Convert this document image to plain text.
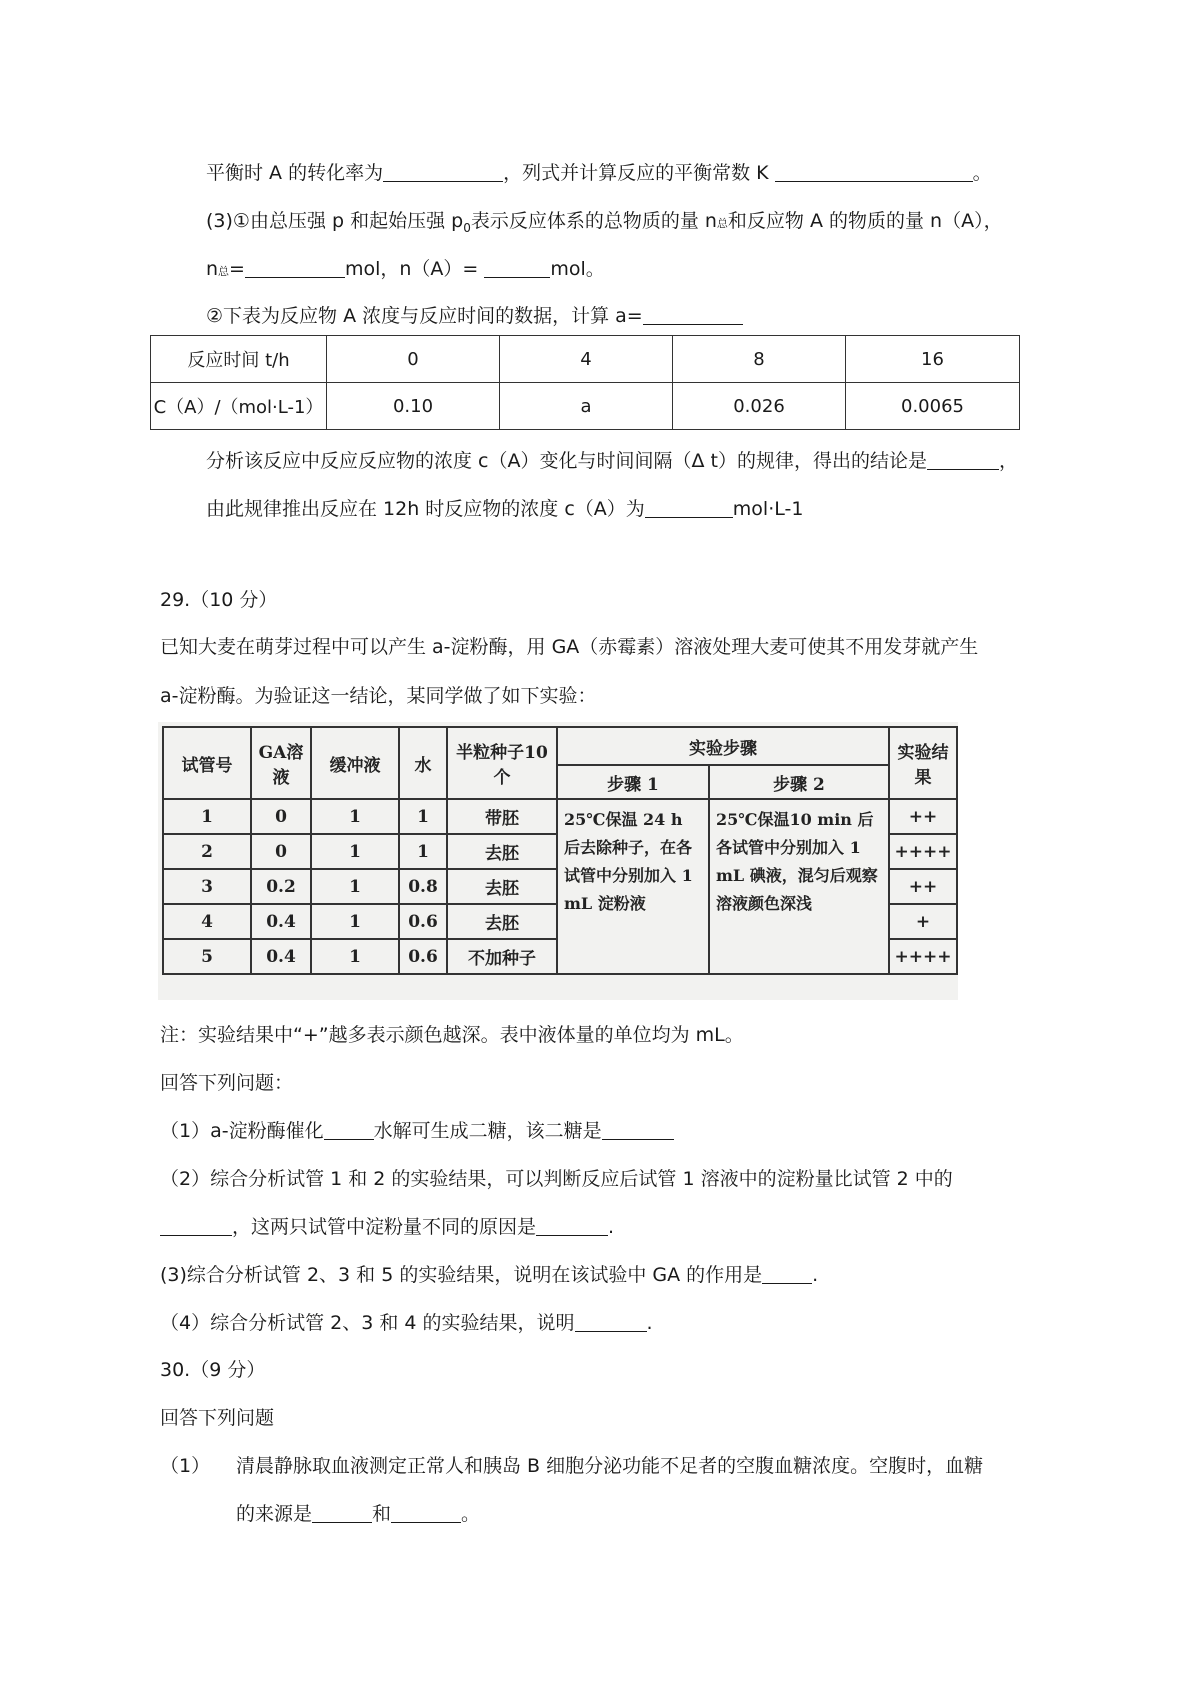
平衡时 A 的转化率为	，列式并计算反应的平衡常数 K	。
(3)①由总压强 p 和起始压强 $p_0$表示反应体系的总物质的量 n总和反应物 A 的物质的量 n（A），
n总=	mol，n（A）=	mol。
②下表为反应物 A 浓度与反应时间的数据，计算 a=
反应时间 t/h	0	4	8	16
C（A）/（mol·L-1）	0.10	a	0.026	0.0065
分析该反应中反应反应物的浓度 c（A）变化与时间间隔（Δ t）的规律，得出的结论是	，
由此规律推出反应在 12h 时反应物的浓度 c（A）为	mol·L-1
29.（10 分）
已知大麦在萌芽过程中可以产生 a-淀粉酶，用 GA（赤霉素）溶液处理大麦可使其不用发芽就产生
a-淀粉酶。为验证这一结论，某同学做了如下实验：
试管号	GA溶液	缓冲液	水	半粒种子10个	实验步骤		实验结果
					步骤 1	步骤 2	
1	0	1	1	带胚	25℃保温 24 h 后去除种子，在各试管中分别加入 1 mL 淀粉液	25℃保温10 min 后各试管中分别加入 1 mL 碘液，混匀后观察溶液颜色深浅	++
2	0	1	1	去胚			++++
3	0.2	1	0.8	去胚			++
4	0.4	1	0.6	去胚			+
5	0.4	1	0.6	不加种子			++++
注：实验结果中“+”越多表示颜色越深。表中液体量的单位均为 mL。
回答下列问题：
（1）a-淀粉酶催化	水解可生成二糖，该二糖是
（2）综合分析试管 1 和 2 的实验结果，可以判断反应后试管 1 溶液中的淀粉量比试管 2 中的
，这两只试管中淀粉量不同的原因是	.
(3)综合分析试管 2、3 和 5 的实验结果，说明在该试验中 GA 的作用是	.
（4）综合分析试管 2、3 和 4 的实验结果，说明	.
30.（9 分）
回答下列问题
（1） 清晨静脉取血液测定正常人和胰岛 B 细胞分泌功能不足者的空腹血糖浓度。空腹时，血糖
的来源是	和	。
